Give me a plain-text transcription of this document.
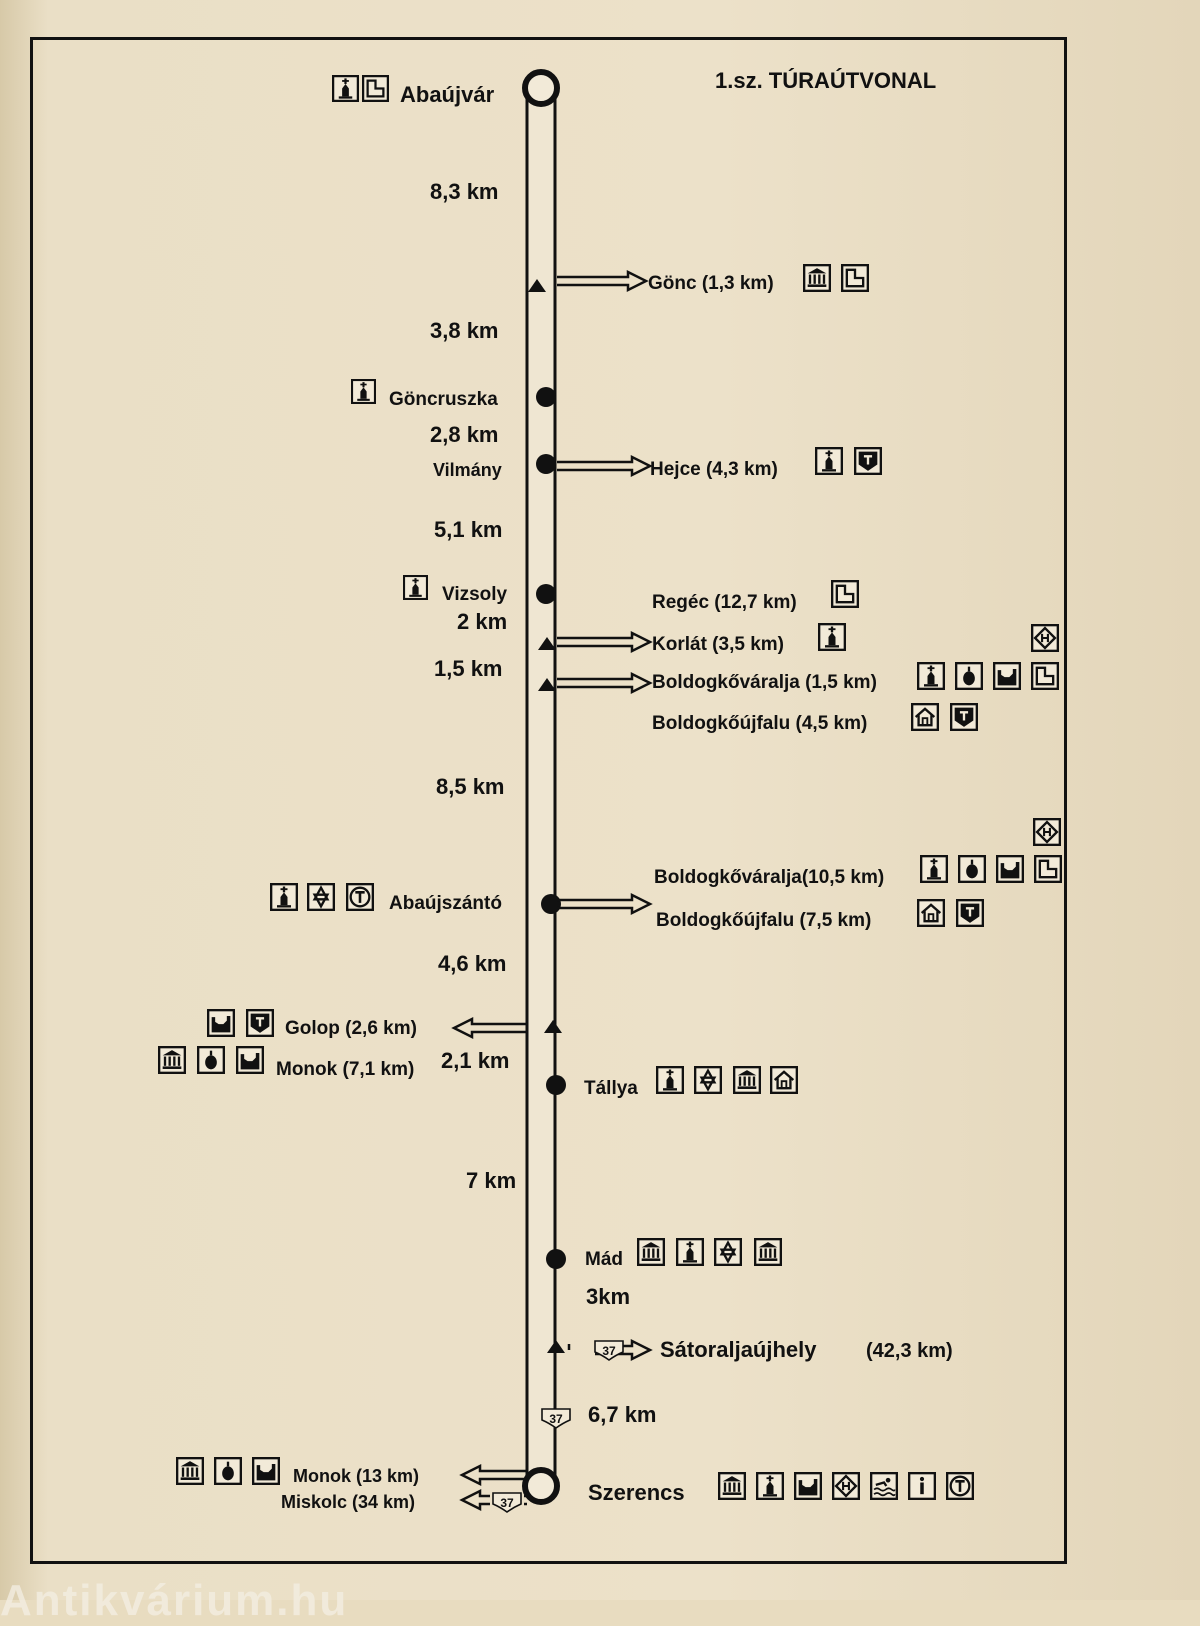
37
37
37
1.sz. TÚRAÚTVONAL
8,3 km
3,8 km
2,8 km
5,1 km
2 km
1,5 km
8,5 km
4,6 km
2,1 km
7 km
3km
6,7 km
Abaújvár
Göncruszka
Vilmány
Vizsoly
Abaújszántó
Tállya
Mád
Szerencs
Gönc (1,3 km)
Hejce (4,3 km)
Regéc (12,7 km)
Korlát (3,5 km)
Boldogkőváralja (1,5 km)
Boldogkőújfalu (4,5 km)
Boldogkőváralja(10,5 km)
Boldogkőújfalu (7,5 km)
Golop (2,6 km)
Monok (7,1 km)
Sátoraljaújhely (42,3 km)
Monok (13 km)
Miskolc (34 km)
Antikvárium.hu
